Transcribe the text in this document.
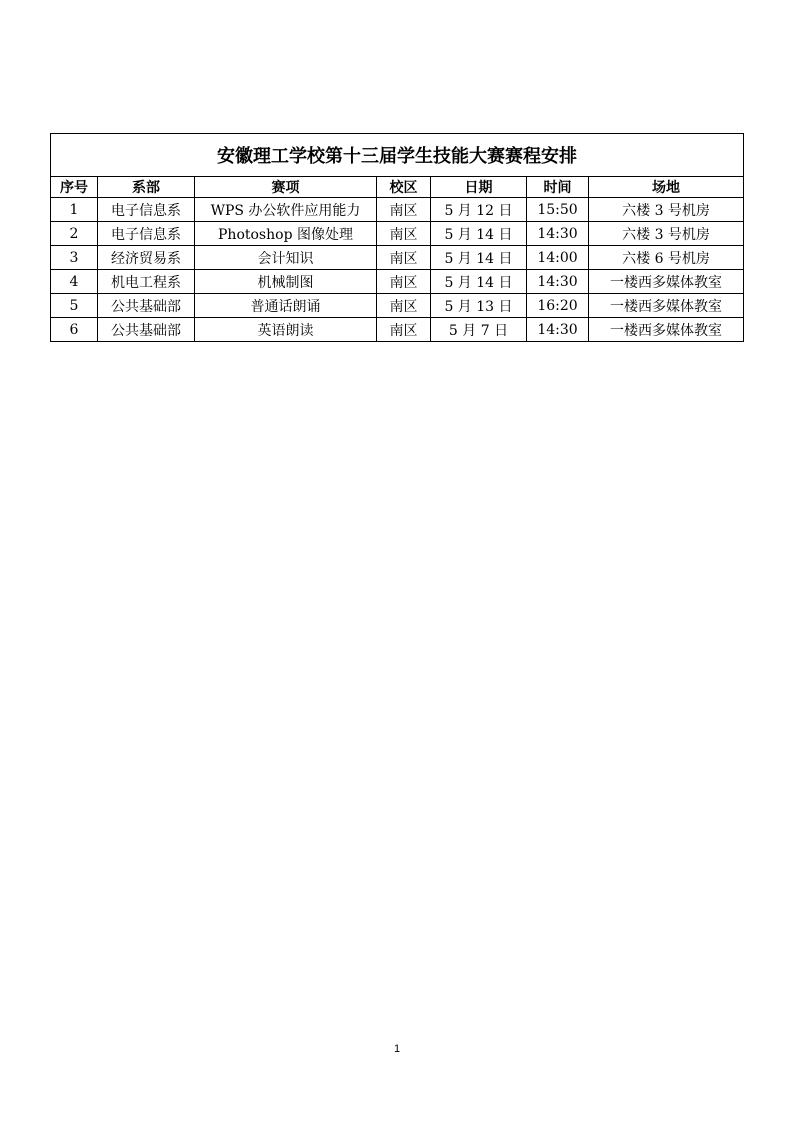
安徽理工学校第十三届学生技能大赛赛程安排						
序号	系部	赛项	校区	日期	时间	场地
1	电子信息系	WPS 办公软件应用能力	南区	5 月 12 日	15:50	六楼 3 号机房
2	电子信息系	Photoshop 图像处理	南区	5 月 14 日	14:30	六楼 3 号机房
3	经济贸易系	会计知识	南区	5 月 14 日	14:00	六楼 6 号机房
4	机电工程系	机械制图	南区	5 月 14 日	14:30	一楼西多媒体教室
5	公共基础部	普通话朗诵	南区	5 月 13 日	16:20	一楼西多媒体教室
6	公共基础部	英语朗读	南区	5 月 7 日	14:30	一楼西多媒体教室
1
